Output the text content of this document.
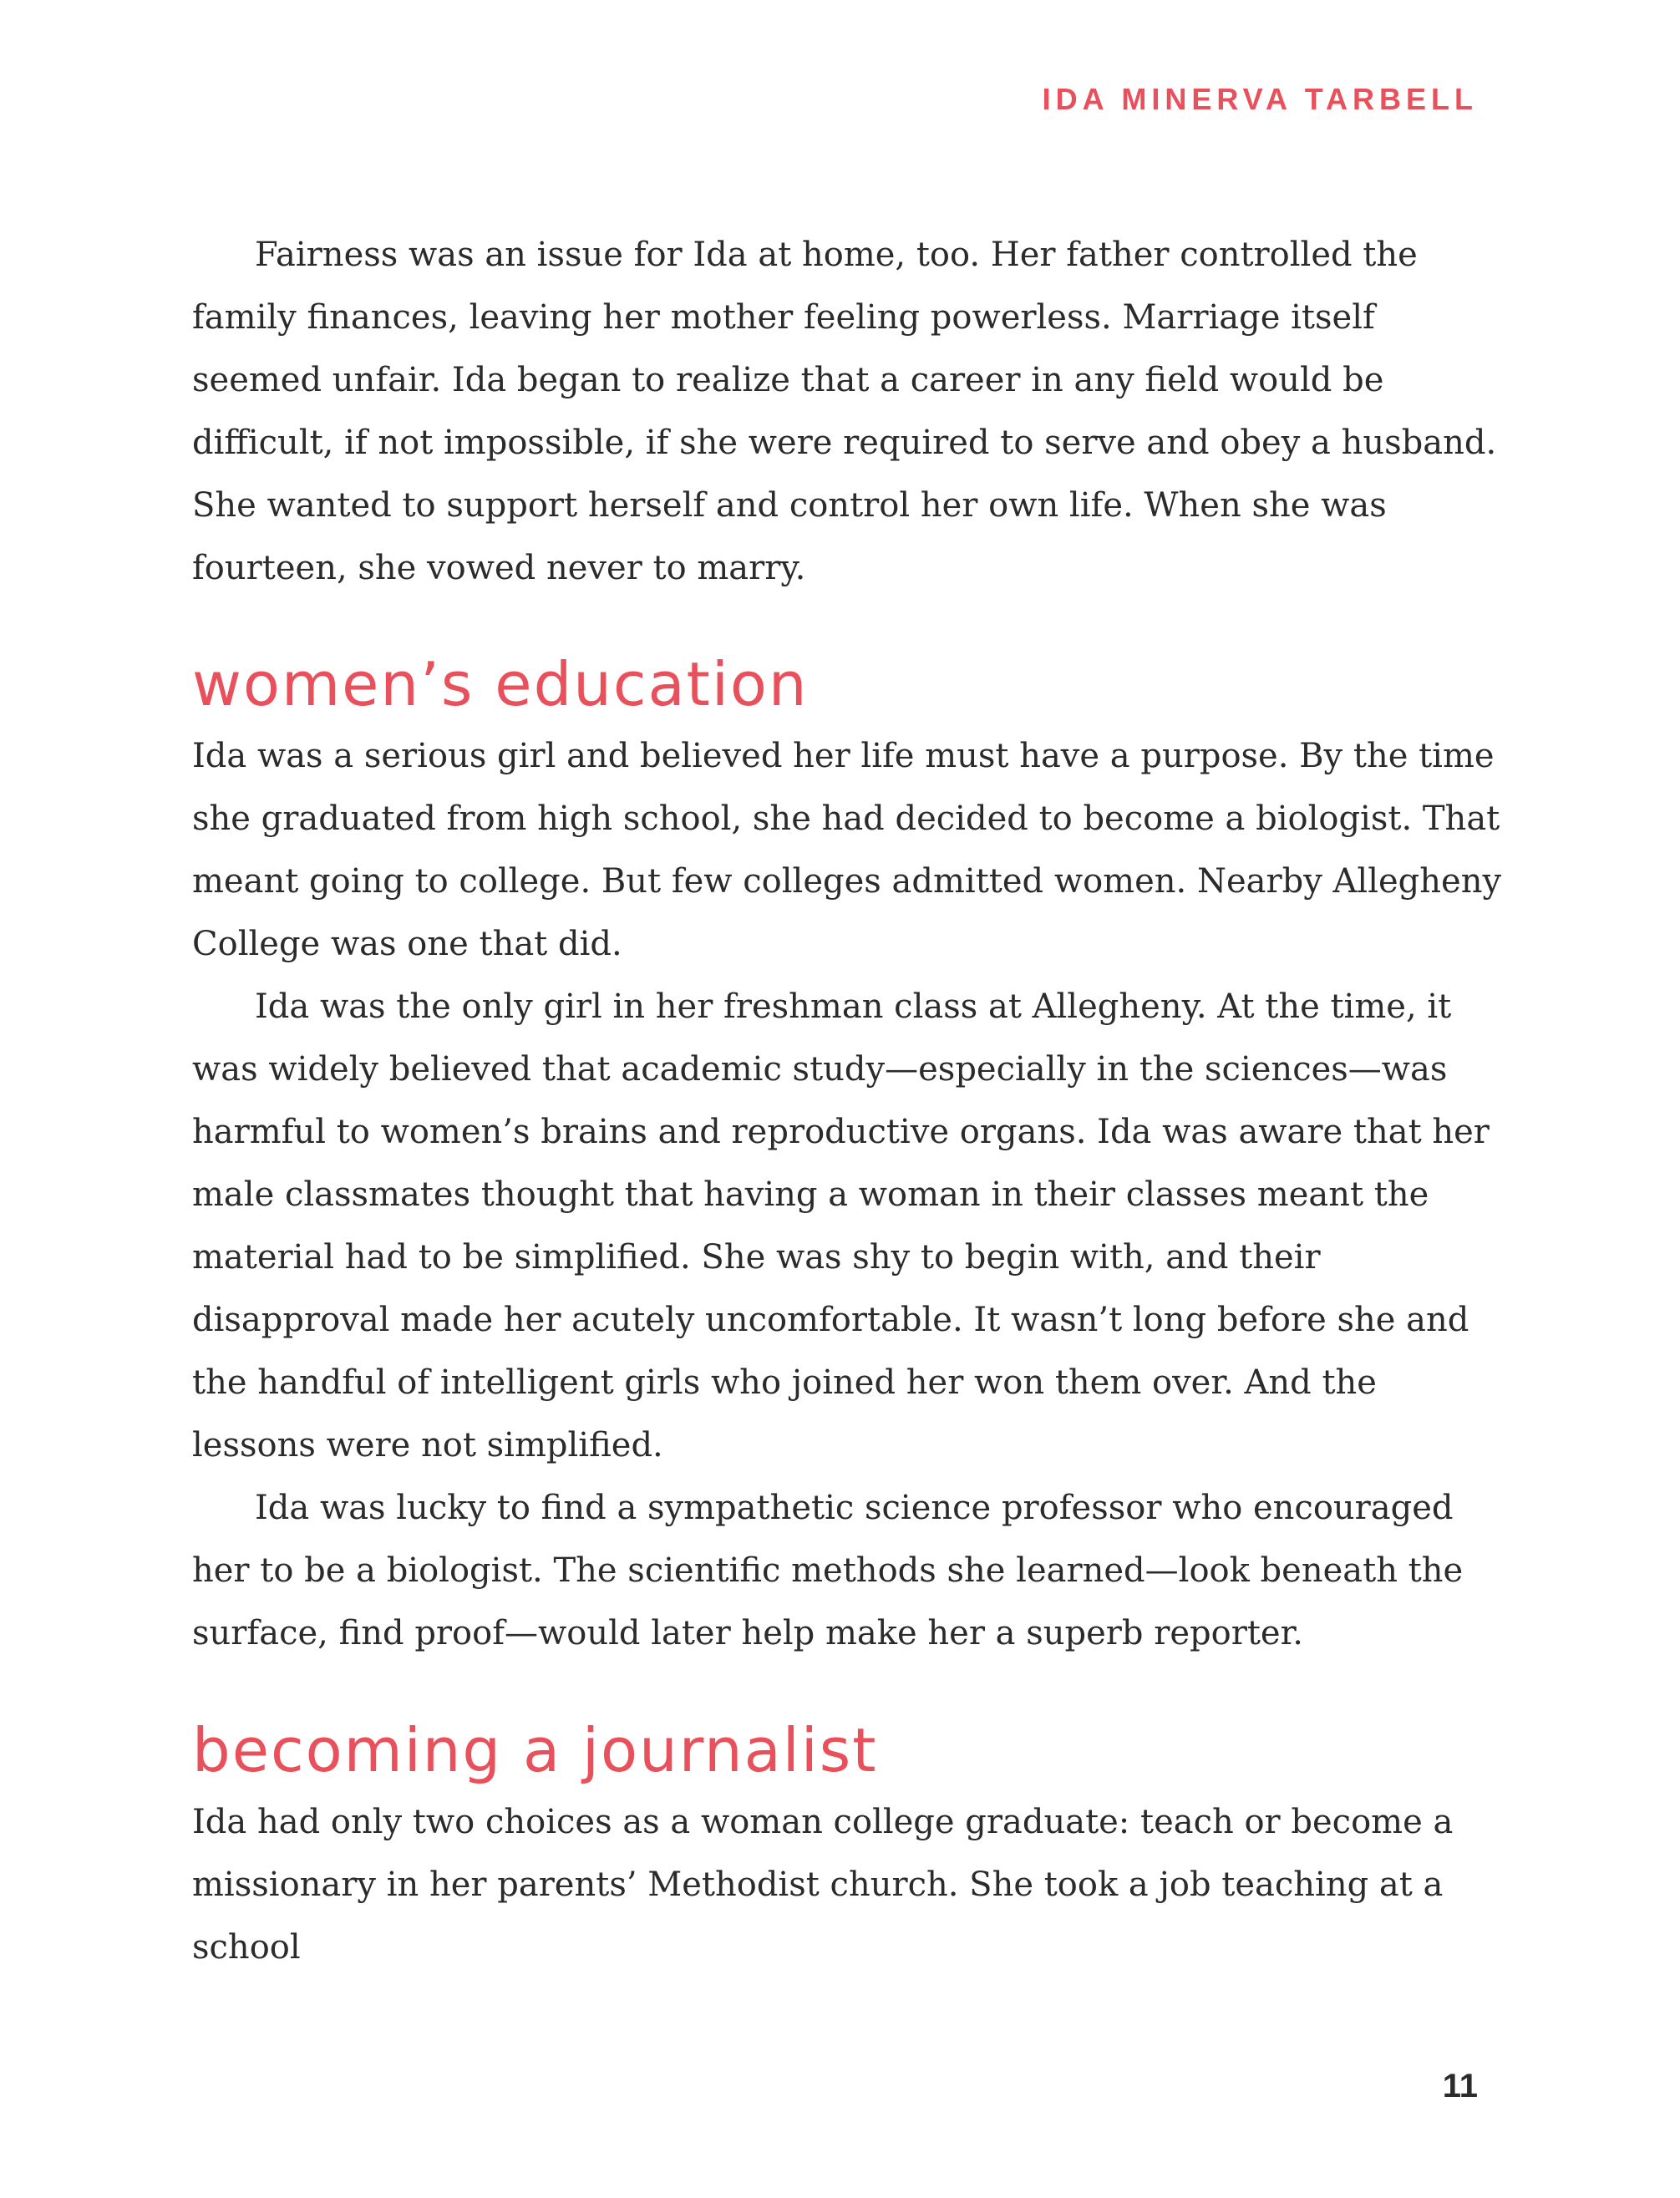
IDA MINERVA TARBELL

Fairness was an issue for Ida at home, too. Her father controlled the family finances, leaving her mother feeling powerless. Marriage itself seemed unfair. Ida began to realize that a career in any field would be difficult, if not impossible, if she were required to serve and obey a husband. She wanted to support herself and control her own life. When she was fourteen, she vowed never to marry.

women’s education

Ida was a serious girl and believed her life must have a purpose. By the time she graduated from high school, she had decided to become a biologist. That meant going to college. But few colleges admitted women. Nearby Allegheny College was one that did.

Ida was the only girl in her freshman class at Allegheny. At the time, it was widely believed that academic study—especially in the sciences—was harmful to women’s brains and reproductive organs. Ida was aware that her male classmates thought that having a woman in their classes meant the material had to be simplified. She was shy to begin with, and their disapproval made her acutely uncomfortable. It wasn’t long before she and the handful of intelligent girls who joined her won them over. And the lessons were not simplified.

Ida was lucky to find a sympathetic science professor who encouraged her to be a biologist. The scientific methods she learned—look beneath the surface, find proof—would later help make her a superb reporter.

becoming a journalist

Ida had only two choices as a woman college graduate: teach or become a missionary in her parents’ Methodist church. She took a job teaching at a school

11
